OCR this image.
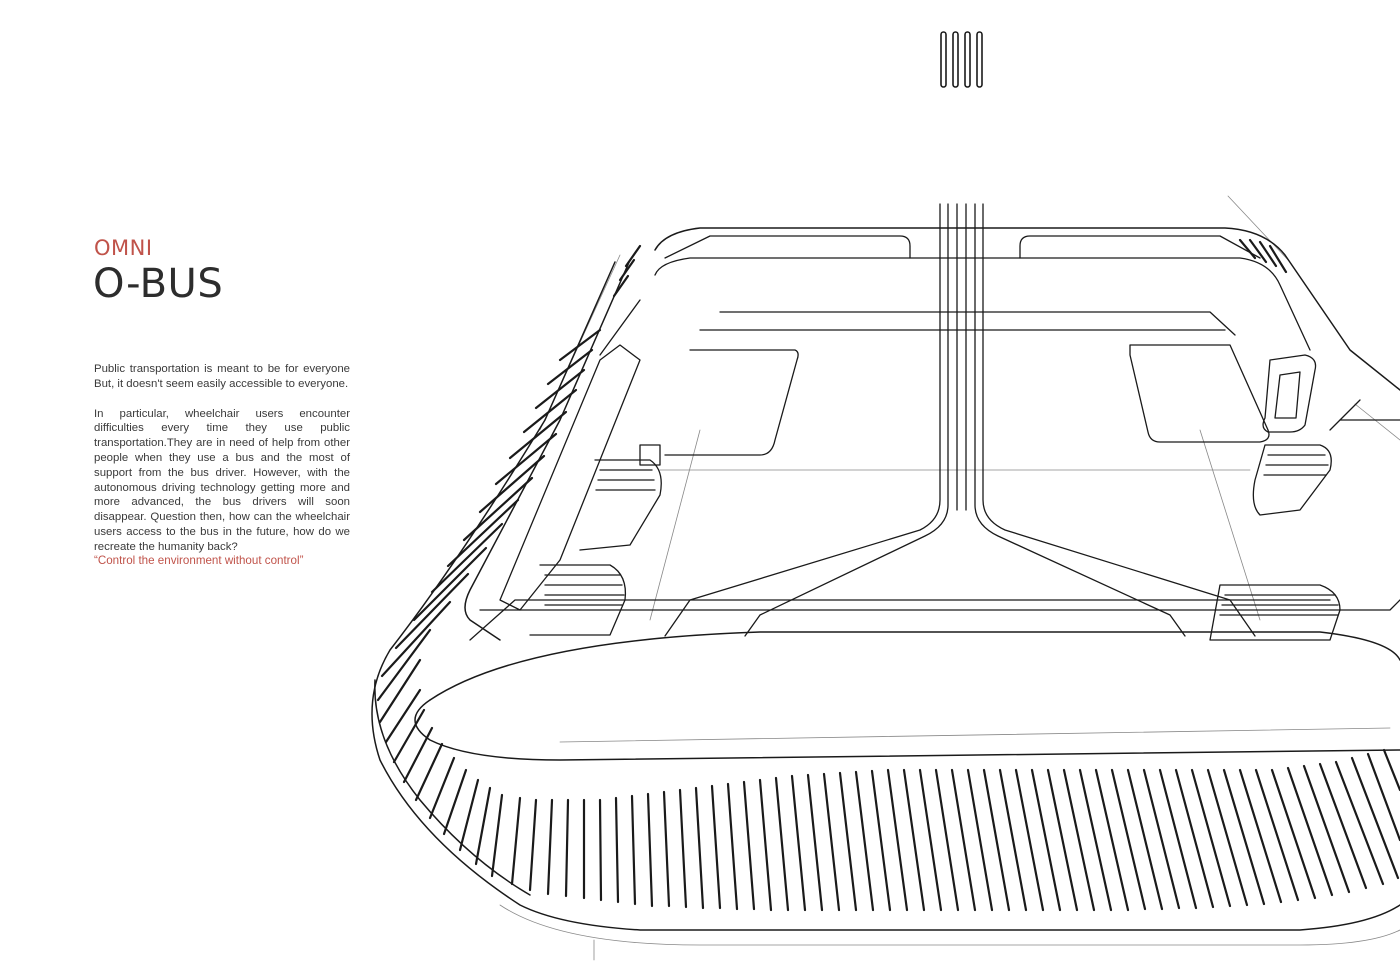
OMNI
O-BUS

Public transportation is meant to be for everyone But, it doesn't seem easily accessible to everyone.

In particular, wheelchair users encounter difficulties every time they use public transportation.They are in need of help from other people when they use a bus and the most of support from the bus driver. However, with the autonomous driving technology getting more and more advanced, the bus drivers will soon disappear. Question then, how can the wheelchair users access to the bus in the future, how do we recreate the humanity back?

“Control the environment without control”
